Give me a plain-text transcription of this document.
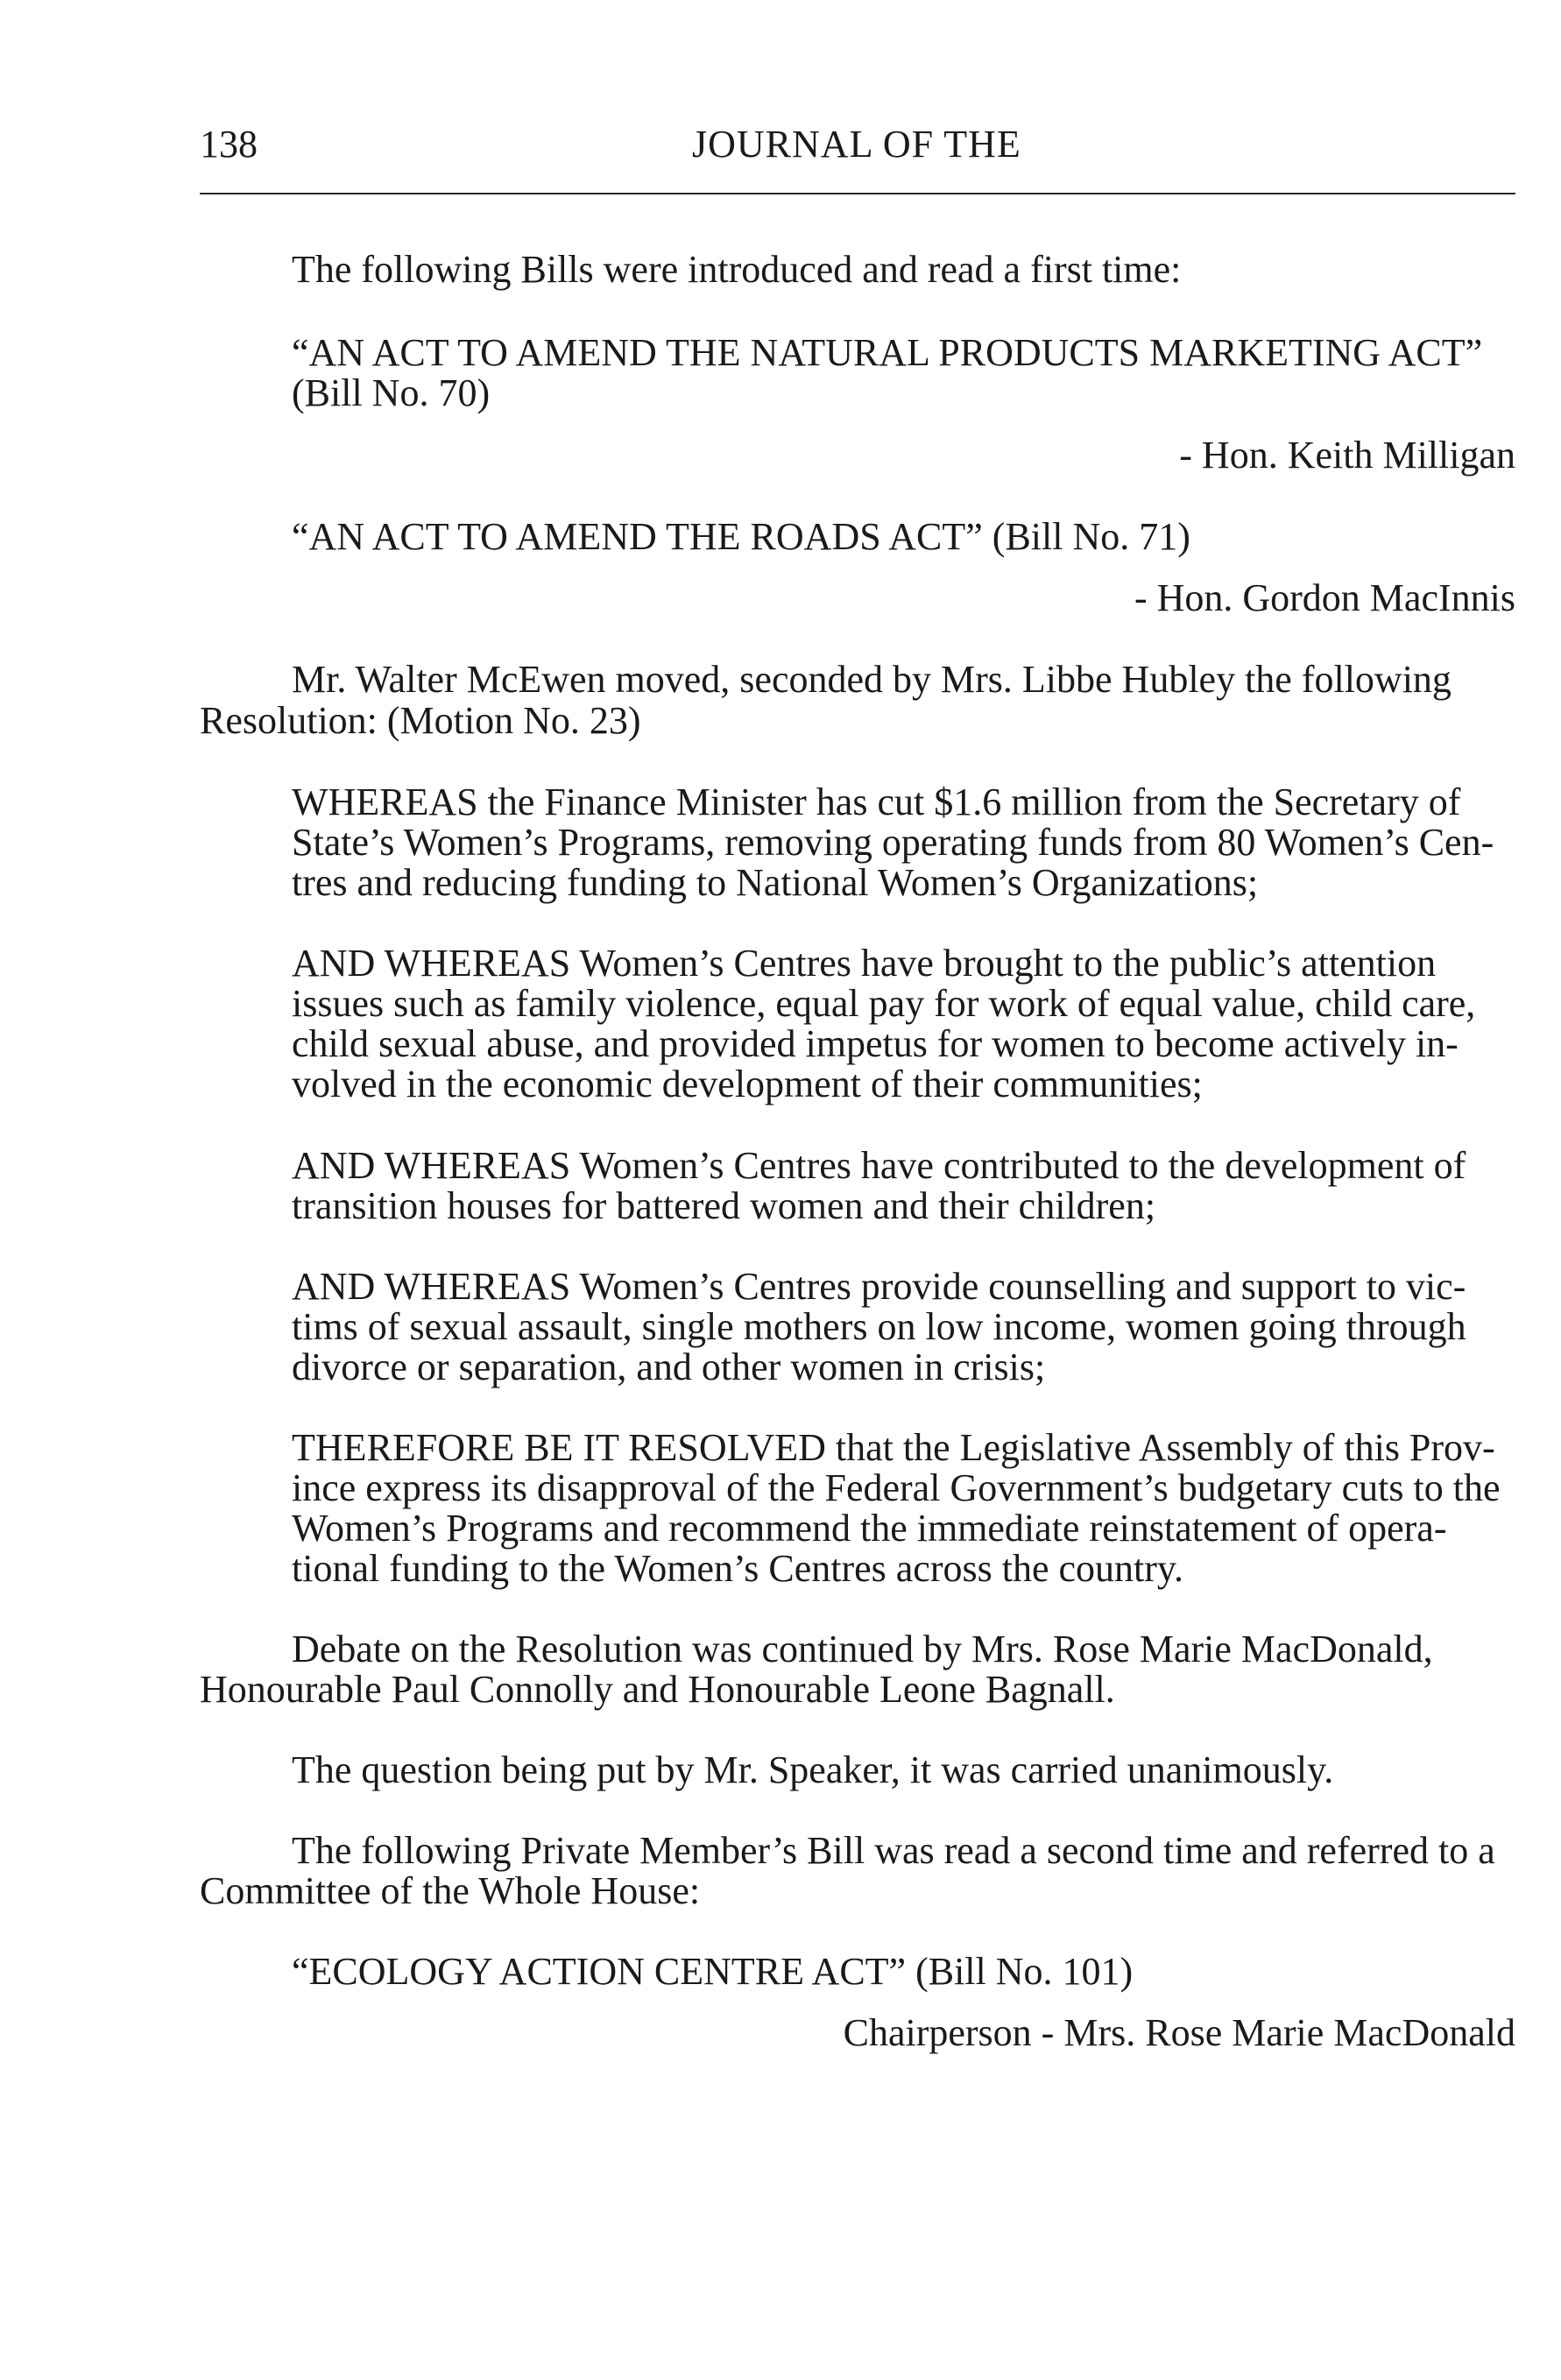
138	JOURNAL OF THE
The following Bills were introduced and read a first time:
“AN ACT TO AMEND THE NATURAL PRODUCTS MARKETING ACT”
(Bill No. 70)
- Hon. Keith Milligan
“AN ACT TO AMEND THE ROADS ACT” (Bill No. 71)
- Hon. Gordon MacInnis
Mr. Walter McEwen moved, seconded by Mrs. Libbe Hubley the following
Resolution: (Motion No. 23)
WHEREAS the Finance Minister has cut $1.6 million from the Secretary of
State’s Women’s Programs, removing operating funds from 80 Women’s Cen-
tres and reducing funding to National Women’s Organizations;
AND WHEREAS Women’s Centres have brought to the public’s attention
issues such as family violence, equal pay for work of equal value, child care,
child sexual abuse, and provided impetus for women to become actively in-
volved in the economic development of their communities;
AND WHEREAS Women’s Centres have contributed to the development of
transition houses for battered women and their children;
AND WHEREAS Women’s Centres provide counselling and support to vic-
tims of sexual assault, single mothers on low income, women going through
divorce or separation, and other women in crisis;
THEREFORE BE IT RESOLVED that the Legislative Assembly of this Prov-
ince express its disapproval of the Federal Government’s budgetary cuts to the
Women’s Programs and recommend the immediate reinstatement of opera-
tional funding to the Women’s Centres across the country.
Debate on the Resolution was continued by Mrs. Rose Marie MacDonald,
Honourable Paul Connolly and Honourable Leone Bagnall.
The question being put by Mr. Speaker, it was carried unanimously.
The following Private Member’s Bill was read a second time and referred to a
Committee of the Whole House:
“ECOLOGY ACTION CENTRE ACT” (Bill No. 101)
Chairperson - Mrs. Rose Marie MacDonald
